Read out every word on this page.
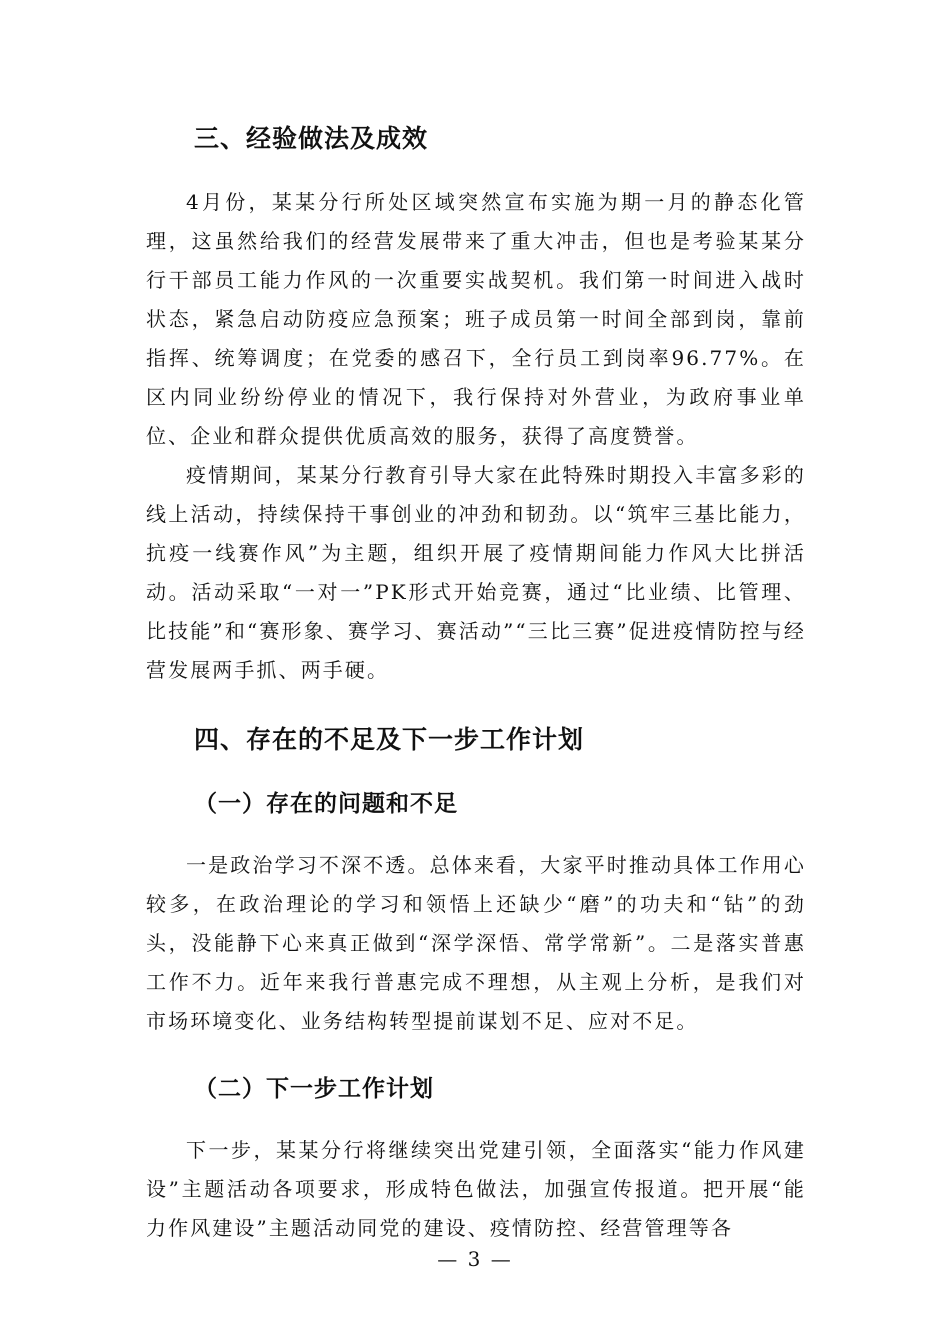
三、经验做法及成效

4月份，某某分行所处区域突然宣布实施为期一月的静态化管理，这虽然给我们的经营发展带来了重大冲击，但也是考验某某分行干部员工能力作风的一次重要实战契机。我们第一时间进入战时状态，紧急启动防疫应急预案；班子成员第一时间全部到岗，靠前指挥、统筹调度；在党委的感召下，全行员工到岗率96.77%。在区内同业纷纷停业的情况下，我行保持对外营业，为政府事业单位、企业和群众提供优质高效的服务，获得了高度赞誉。

疫情期间，某某分行教育引导大家在此特殊时期投入丰富多彩的线上活动，持续保持干事创业的冲劲和韧劲。以“筑牢三基比能力，抗疫一线赛作风”为主题，组织开展了疫情期间能力作风大比拼活动。活动采取“一对一”PK形式开始竞赛，通过“比业绩、比管理、比技能”和“赛形象、赛学习、赛活动”“三比三赛”促进疫情防控与经营发展两手抓、两手硬。

四、存在的不足及下一步工作计划
（一）存在的问题和不足

一是政治学习不深不透。总体来看，大家平时推动具体工作用心较多，在政治理论的学习和领悟上还缺少“磨”的功夫和“钻”的劲头，没能静下心来真正做到“深学深悟、常学常新”。二是落实普惠工作不力。近年来我行普惠完成不理想，从主观上分析，是我们对市场环境变化、业务结构转型提前谋划不足、应对不足。

（二）下一步工作计划

下一步，某某分行将继续突出党建引领，全面落实“能力作风建设”主题活动各项要求，形成特色做法，加强宣传报道。把开展“能力作风建设”主题活动同党的建设、疫情防控、经营管理等各

— 3 —
